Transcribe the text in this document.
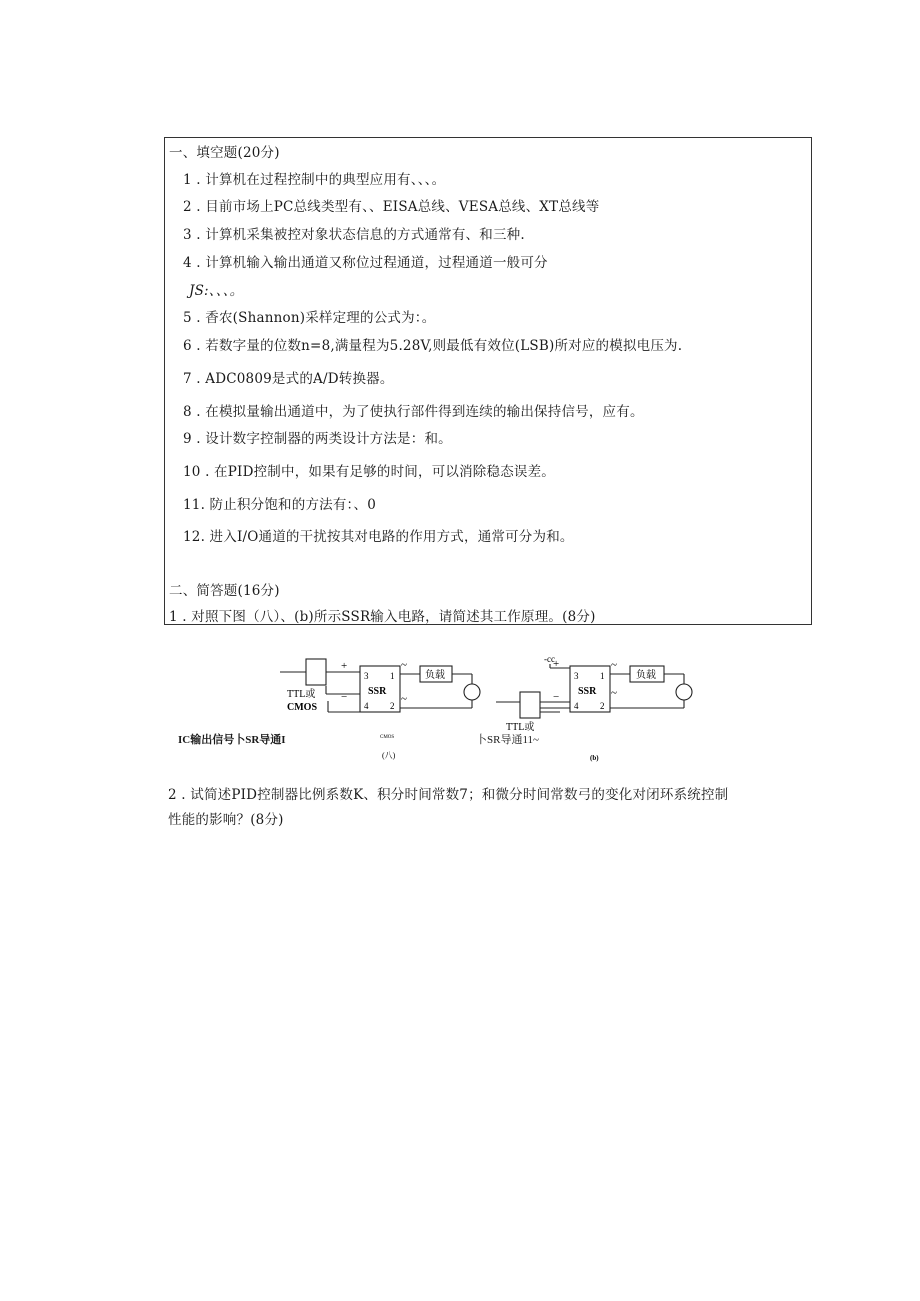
一、填空题(20分)
1 . 计算机在过程控制中的典型应用有、、、。
2 . 目前市场上PC总线类型有、、EISA总线、VESA总线、XT总线等
3 . 计算机采集被控对象状态信息的方式通常有、和三种.
4 . 计算机输入输出通道又称位过程通道，过程通道一般可分
JS:、、、。
5 . 香农(Shannon)采样定理的公式为：。
6 . 若数字量的位数n=8,满量程为5.28V,则最低有效位(LSB)所对应的模拟电压为.
7 . ADC0809是式的A/D转换器。
8 . 在模拟量输出通道中，为了使执行部件得到连续的输出保持信号，应有。
9 . 设计数字控制器的两类设计方法是：和。
10 . 在PID控制中，如果有足够的时间，可以消除稳态误差。
11. 防止积分饱和的方法有：、0
12. 进入I/O通道的干扰按其对电路的作用方式，通常可分为和。
二、简答题(16分)
1 . 对照下图（八）、(b)所示SSR输入电路，请简述其工作原理。(8分)
+
−
3 1
SSR
4 2
~
~
负载
TTL或
CMOS
CMOS
(八)
-cc
+
−
3 1
SSR
4 2
~
~
负载
TTL或
(b)
IC输出信号卜SR导通I	卜SR导通11~
2 . 试简述PID控制器比例系数K、积分时间常数7；和微分时间常数弓的变化对闭环系统控制
性能的影响？(8分)
